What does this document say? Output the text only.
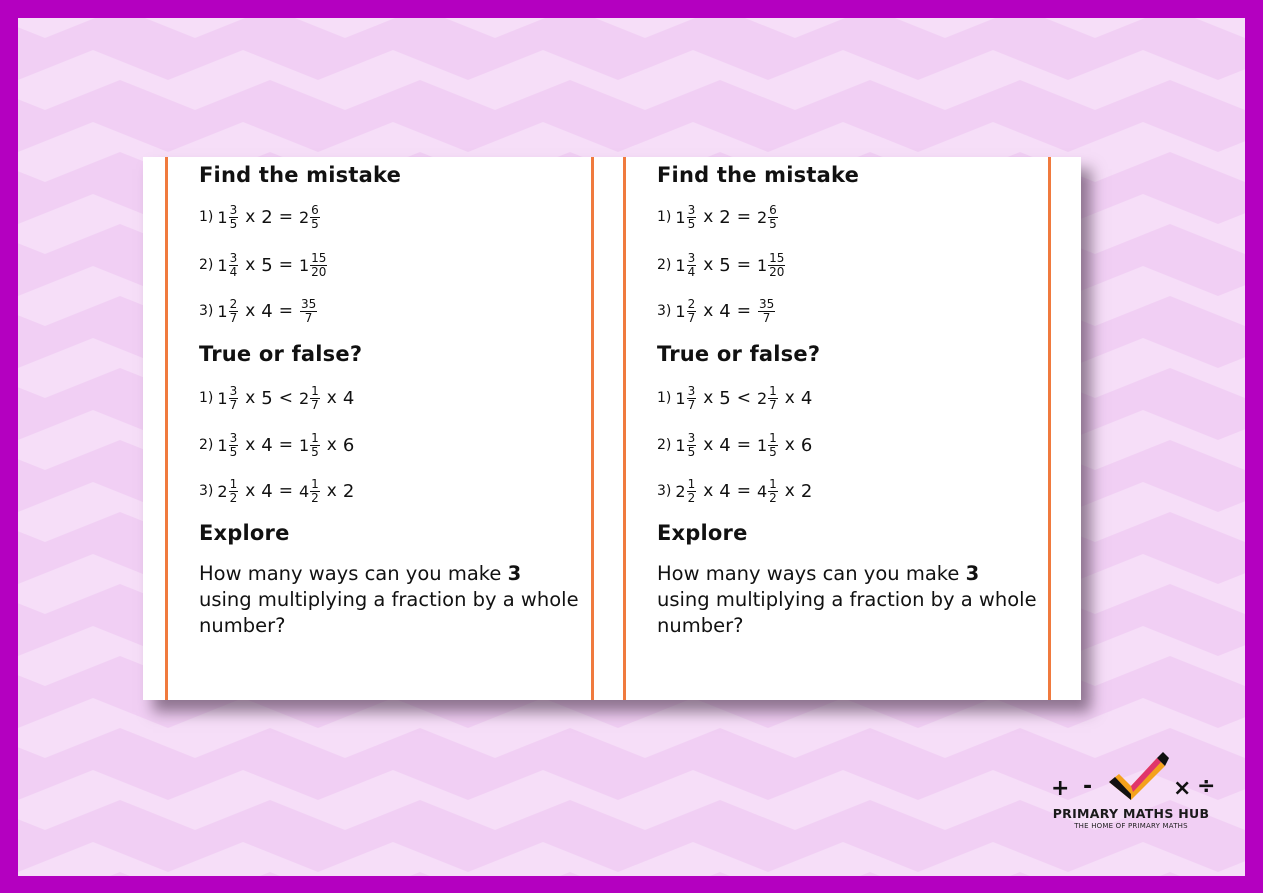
Find the mistake
1) $1 \frac{3}{5}$ x $2 = 2 \frac{6}{5}$
2) $1 \frac{3}{4}$ x $5 = 1 \frac{15}{20}$
3) $1 \frac{2}{7}$ x $4 = \frac{35}{7}$
True or false?
1) $1 \frac{3}{7}$ x $5 < 2 \frac{1}{7}$ x 4
2) $1 \frac{3}{5}$ x $4 = 1 \frac{1}{5}$ x 6
3) $2 \frac{1}{2}$ x $4 = 4 \frac{1}{2}$ x 2
Explore
How many ways can you make 3 using multiplying a fraction by a whole number?
Find the mistake
1) $1 \frac{3}{5}$ x $2 = 2 \frac{6}{5}$
2) $1 \frac{3}{4}$ x $5 = 1 \frac{15}{20}$
3) $1 \frac{2}{7}$ x $4 = \frac{35}{7}$
True or false?
1) $1 \frac{3}{7}$ x $5 < 2 \frac{1}{7}$ x 4
2) $1 \frac{3}{5}$ x $4 = 1 \frac{1}{5}$ x 6
3) $2 \frac{1}{2}$ x $4 = 4 \frac{1}{2}$ x 2
Explore
How many ways can you make 3 using multiplying a fraction by a whole number?
+ -	× ÷
PRIMARY MATHS HUB
THE HOME OF PRIMARY MATHS
